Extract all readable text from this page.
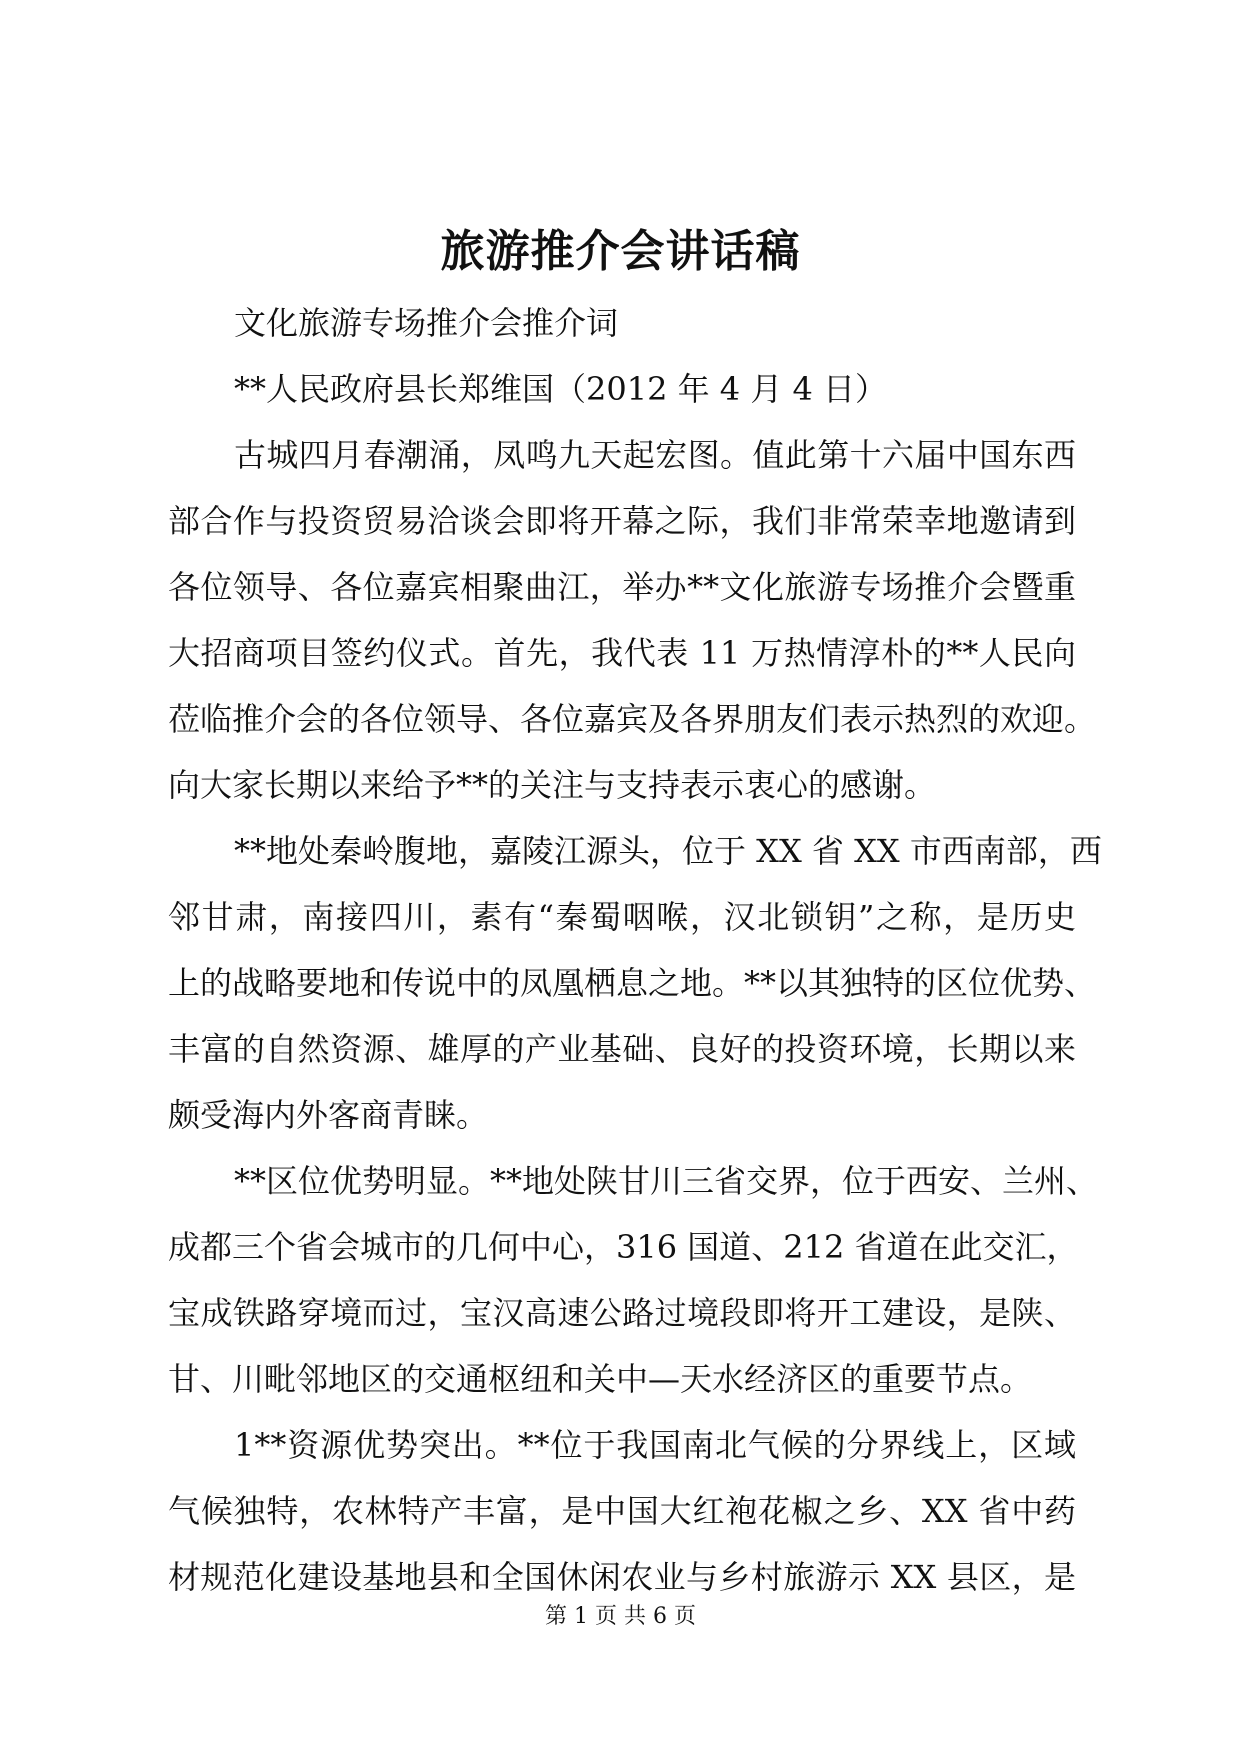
旅游推介会讲话稿
文化旅游专场推介会推介词
**人民政府县长郑维国（2012 年 4 月 4 日）
古城四月春潮涌，凤鸣九天起宏图。值此第十六届中国东西
部合作与投资贸易洽谈会即将开幕之际，我们非常荣幸地邀请到
各位领导、各位嘉宾相聚曲江，举办**文化旅游专场推介会暨重
大招商项目签约仪式。首先，我代表 11 万热情淳朴的**人民向
莅临推介会的各位领导、各位嘉宾及各界朋友们表示热烈的欢迎。
向大家长期以来给予**的关注与支持表示衷心的感谢。
**地处秦岭腹地，嘉陵江源头，位于 XX 省 XX 市西南部，西
邻甘肃，南接四川，素有“秦蜀咽喉，汉北锁钥”之称，是历史
上的战略要地和传说中的凤凰栖息之地。**以其独特的区位优势、
丰富的自然资源、雄厚的产业基础、良好的投资环境，长期以来
颇受海内外客商青睐。
**区位优势明显。**地处陕甘川三省交界，位于西安、兰州、
成都三个省会城市的几何中心，316 国道、212 省道在此交汇，
宝成铁路穿境而过，宝汉高速公路过境段即将开工建设，是陕、
甘、川毗邻地区的交通枢纽和关中—天水经济区的重要节点。
1**资源优势突出。**位于我国南北气候的分界线上，区域
气候独特，农林特产丰富，是中国大红袍花椒之乡、XX 省中药
材规范化建设基地县和全国休闲农业与乡村旅游示 XX 县区，是
第 1 页 共 6 页
